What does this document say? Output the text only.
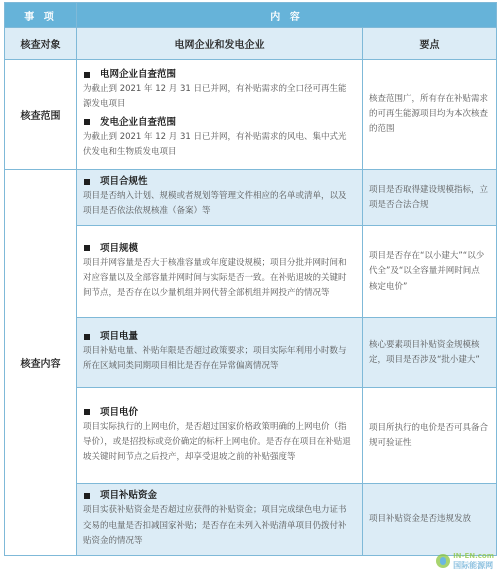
事 项	内 容	
核查对象	电网企业和发电企业	要点
核查范围	电网企业自查范围
为截止到 2021 年 12 月 31 日已并网，有补贴需求的全口径可再生能源发电项目
发电企业自查范围
为截止到 2021 年 12 月 31 日已并网，有补贴需求的风电、集中式光伏发电和生物质发电项目	核查范围广，所有存在补贴需求的可再生能源项目均为本次核查的范围
核查内容	项目合规性
项目是否纳入计划、规模或者规划等管理文件相应的名单或清单，以及项目是否依法依规核准（备案）等	项目是否取得建设规模指标，立项是否合法合规

	项目规模
项目并网容量是否大于核准容量或年度建设规模；项目分批并网时间和对应容量以及全部容量并网时间与实际是否一致。在补贴退坡的关键时间节点，是否存在以少量机组并网代替全部机组并网投产的情况等	项目是否存在“以小建大”“以少代全”及“以全容量并网时间点核定电价”

	项目电量
项目补贴电量、补贴年限是否超过政策要求；项目实际年利用小时数与所在区域同类同期项目相比是否存在异常偏离情况等	核心要素项目补贴资金规模核定，项目是否涉及“批小建大”

	项目电价
项目实际执行的上网电价，是否超过国家价格政策明确的上网电价（指导价），或是招投标或竞价确定的标杆上网电价。是否存在项目在补贴退坡关键时间节点之后投产，却享受退坡之前的补贴强度等	项目所执行的电价是否可具备合规可验证性

	项目补贴资金
项目实获补贴资金是否超过应获得的补贴资金；项目完成绿色电力证书交易的电量是否扣减国家补贴；是否存在未列入补贴清单项目仍拨付补贴资金的情况等	项目补贴资金是否违规发放
IN-EN.com
国际能源网
